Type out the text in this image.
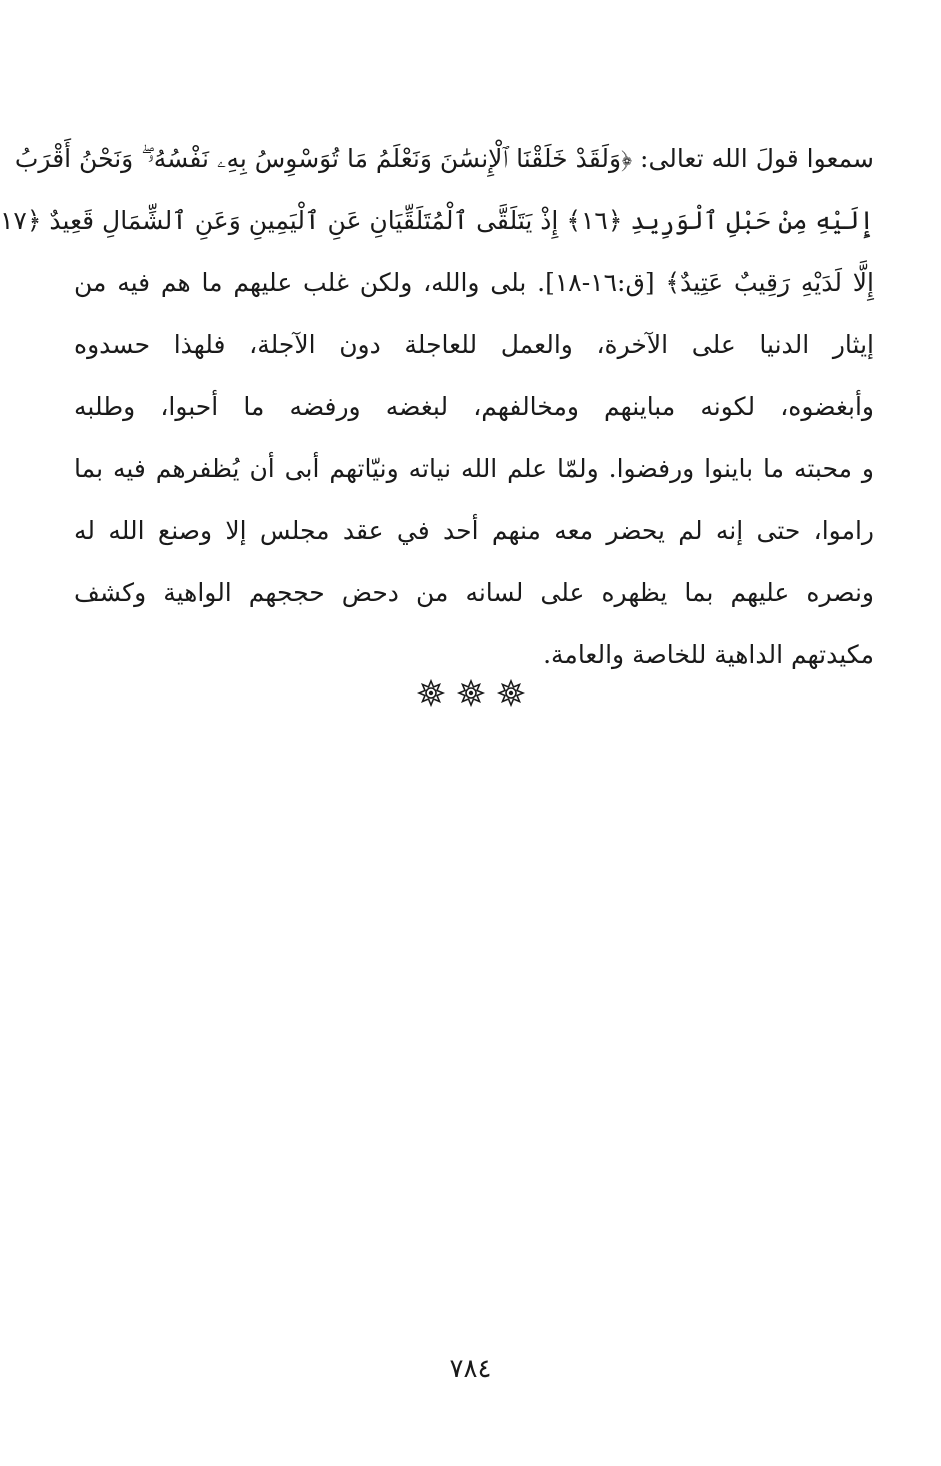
سمعوا قولَ الله تعالى: ﴿وَلَقَدْ خَلَقْنَا ٱلْإِنسَٰنَ وَنَعْلَمُ مَا تُوَسْوِسُ بِهِۦ نَفْسُهُۥ ۖ وَنَحْنُ أَقْرَبُ
إِلَيْهِ مِنْ حَبْلِ ٱلْوَرِيدِ ﴿١٦﴾ إِذْ يَتَلَقَّى ٱلْمُتَلَقِّيَانِ عَنِ ٱلْيَمِينِ وَعَنِ ٱلشِّمَالِ قَعِيدٌ ﴿١٧
إِلَّا لَدَيْهِ رَقِيبٌ عَتِيدٌ﴾ [ق:١٦-١٨]. بلى والله، ولكن غلب عليهم ما هم فيه من
إيثار الدنيا على الآخرة، والعمل للعاجلة دون الآجلة، فلهذا حسدوه
وأبغضوه، لكونه مباينهم ومخالفهم، لبغضه ورفضه ما أحبوا، وطلبه
و محبته ما باينوا ورفضوا. ولمّا علم الله نياته ونيّاتهم أبى أن يُظفرهم فيه بما
راموا، حتى إنه لم يحضر معه منهم أحد في عقد مجلس إلا وصنع الله له
ونصره عليهم بما يظهره على لسانه من دحض حججهم الواهية وكشف
مكيدتهم الداهية للخاصة والعامة.
٧٨٤
